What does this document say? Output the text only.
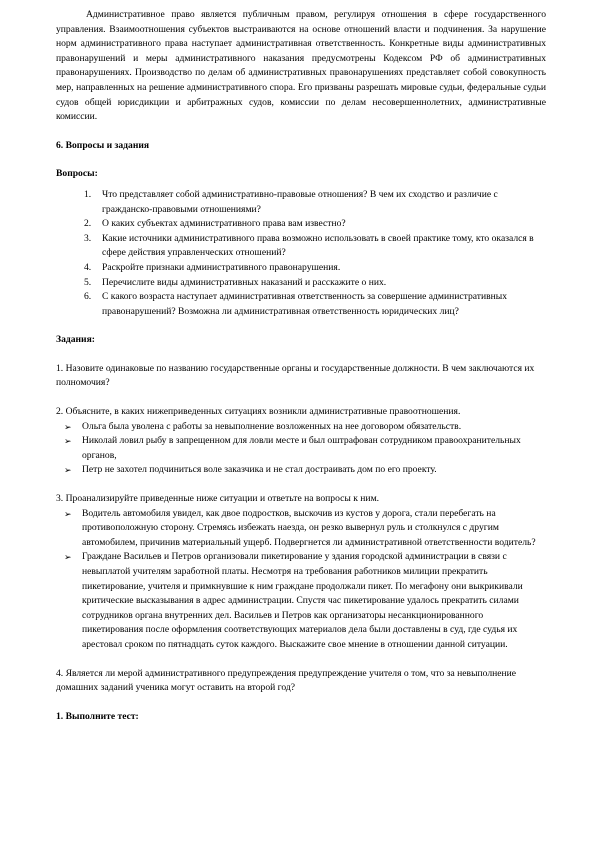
Административное право является публичным правом, регулируя отношения в сфере государственного управления. Взаимоотношения субъектов выстраиваются на основе отношений власти и подчинения. За нарушение норм административного права наступает административная ответственность. Конкретные виды административных правонарушений и меры административного наказания предусмотрены Кодексом РФ об административных правонарушениях. Производство по делам об административных правонарушениях представляет собой совокупность мер, направленных на решение административного спора. Его призваны разрешать мировые судьи, федеральные судьи судов общей юрисдикции и арбитражных судов, комиссии по делам несовершеннолетних, административные комиссии.

6. Вопросы и задания

Вопросы:

1. Что представляет собой административно-правовые отношения? В чем их сходство и различие с гражданско-правовыми отношениями?
2. О каких субъектах административного права вам известно?
3. Какие источники административного права возможно использовать в своей практике тому, кто оказался в сфере действия управленческих отношений?
4. Раскройте признаки административного правонарушения.
5. Перечислите виды административных наказаний и расскажите о них.
6. С какого возраста наступает административная ответственность за совершение административных правонарушений? Возможна ли административная ответственность юридических лиц?

Задания:

1. Назовите одинаковые по названию государственные органы и государственные должности. В чем заключаются их полномочия?

2. Объясните, в каких нижеприведенных ситуациях возникли административные правоотношения.

➢ Ольга была уволена с работы за невыполнение возложенных на нее договором обязательств.
➢ Николай ловил рыбу в запрещенном для ловли месте и был оштрафован сотрудником правоохранительных органов,
➢ Петр не захотел подчиниться воле заказчика и не стал достраивать дом по его проекту.

3. Проанализируйте приведенные ниже ситуации и ответьте на вопросы к ним.

➢ Водитель автомобиля увидел, как двое подростков, выскочив из кустов у дорога, стали перебегать на противоположную сторону. Стремясь избежать наезда, он резко вывернул руль и столкнулся с другим автомобилем, причинив материальный ущерб. Подвергнется ли административной ответственности водитель?
➢ Граждане Васильев и Петров организовали пикетирование у здания городской администрации в связи с невыплатой учителям заработной платы. Несмотря на требования работников милиции прекратить пикетирование, учителя и примкнувшие к ним граждане продолжали пикет. По мегафону они выкрикивали критические высказывания в адрес администрации. Спустя час пикетирование удалось прекратить силами сотрудников органа внутренних дел. Васильев и Петров как организаторы несанкционированного пикетирования после оформления соответствующих материалов дела были доставлены в суд, где судья их арестовал сроком по пятнадцать суток каждого. Выскажите свое мнение в отношении данной ситуации.

4. Является ли мерой административного предупреждения предупреждение учителя о том, что за невыполнение домашних заданий ученика могут оставить на второй год?

1. Выполните тест:
